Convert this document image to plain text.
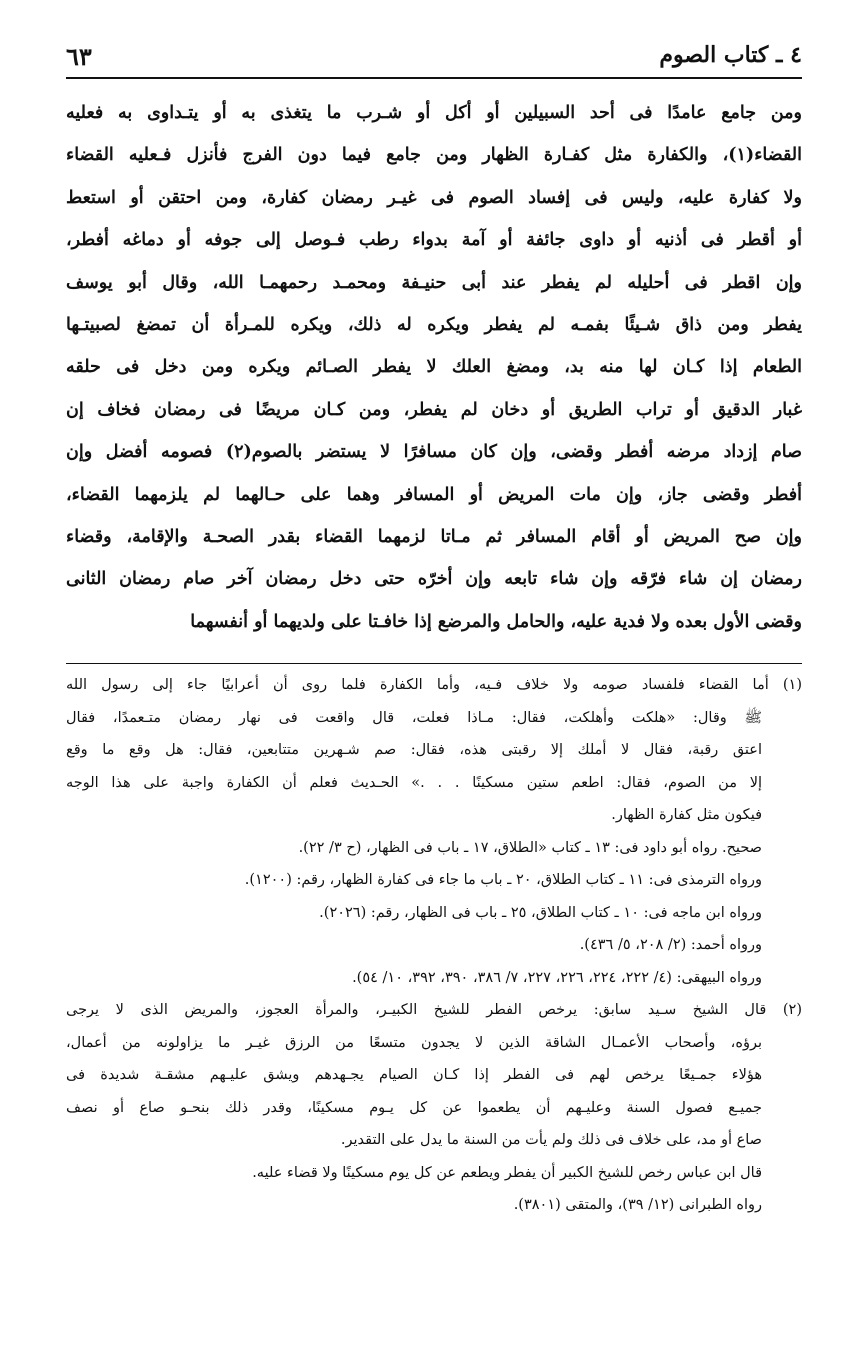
٤ ـ كتاب الصوم
٦٣
ومن جامع عامدًا فى أحد السبيلين أو أكل أو شـرب ما يتغذى به أو يتـداوى به فعليه
القضاء(١)، والكفارة مثل كفـارة الظهار ومن جامع فيما دون الفرج فأنزل فـعليه القضاء
ولا كفارة عليه، وليس فى إفساد الصوم فى غيـر رمضان كفارة، ومن احتقن أو استعط
أو أقطر فى أذنيه أو داوى جائفة أو آمة بدواء رطب فـوصل إلى جوفه أو دماغه أفطر،
وإن اقطر فى أحليله لم يفطر عند أبى حنيـفة ومحمـد رحمهمـا الله، وقال أبو يوسف
يفطر ومن ذاق شـيئًا بفمـه لم يفطر ويكره له ذلك، ويكره للمـرأة أن تمضغ لصبيتـها
الطعام إذا كـان لها منه بد، ومضغ العلك لا يفطر الصـائم ويكره ومن دخل فى حلقه
غبار الدقيق أو تراب الطريق أو دخان لم يفطر، ومن كـان مريضًا فى رمضان فخاف إن
صام إزداد مرضه أفطر وقضى، وإن كان مسافرًا لا يستضر بالصوم(٢) فصومه أفضل وإن
أفطر وقضى جاز، وإن مات المريض أو المسافر وهما على حـالهما لم يلزمهما القضاء،
وإن صح المريض أو أقام المسافر ثم مـاتا لزمهما القضاء بقدر الصحـة والإقامة، وقضاء
رمضان إن شاء فرّقه وإن شاء تابعه وإن أخرّه حتى دخل رمضان آخر صام رمضان الثانى
وقضى الأول بعده ولا فدية عليه، والحامل والمرضع إذا خافـتا على ولديهما أو أنفسهما
(١) أما القضاء فلفساد صومه ولا خلاف فـيه، وأما الكفارة فلما روى أن أعرابيًا جاء إلى رسول الله
ﷺ وقال: «هلكت وأهلكت، فقال: مـاذا فعلت، قال واقعت فى نهار رمضان متـعمدًا، فقال
اعتق رقبة، فقال لا أملك إلا رقبتى هذه، فقال: صم شـهرين متتابعين، فقال: هل وقع ما وقع
إلا من الصوم، فقال: اطعم ستين مسكينًا . . .» الحـديث فعلم أن الكفارة واجبة على هذا الوجه
فيكون مثل كفارة الظهار.
صحيح. رواه أبو داود فى: ١٣ ـ كتاب «الطلاق، ١٧ ـ باب فى الظهار، (ح ٣/ ٢٢).
ورواه الترمذى فى: ١١ ـ كتاب الطلاق، ٢٠ ـ باب ما جاء فى كفارة الظهار، رقم: (١٢٠٠).
ورواه ابن ماجه فى: ١٠ ـ كتاب الطلاق، ٢٥ ـ باب فى الظهار، رقم: (٢٠٢٦).
ورواه أحمد: (٢/ ٢٠٨، ٥/ ٤٣٦).
ورواه البيهقى: (٤/ ٢٢٢، ٢٢٤، ٢٢٦، ٢٢٧، ٧/ ٣٨٦، ٣٩٠، ٣٩٢، ١٠/ ٥٤).
(٢) قال الشيخ سـيد سابق: يرخص الفطر للشيخ الكبيـر، والمرأة العجوز، والمريض الذى لا يرجى
برؤه، وأصحاب الأعمـال الشاقة الذين لا يجدون متسعًا من الرزق غيـر ما يزاولونه من أعمال،
هؤلاء جمـيعًا يرخص لهم فى الفطر إذا كـان الصيام يجـهدهم ويشق عليـهم مشقـة شديدة فى
جميـع فصول السنة وعليـهم أن يطعموا عن كل يـوم مسكينًا، وقدر ذلك بنحـو صاع أو نصف
صاع أو مد، على خلاف فى ذلك ولم يأت من السنة ما يدل على التقدير.
قال ابن عباس رخص للشيخ الكبير أن يفطر ويطعم عن كل يوم مسكينًا ولا قضاء عليه.
رواه الطبرانى (١٢/ ٣٩)، والمتقى (٣٨٠١).
